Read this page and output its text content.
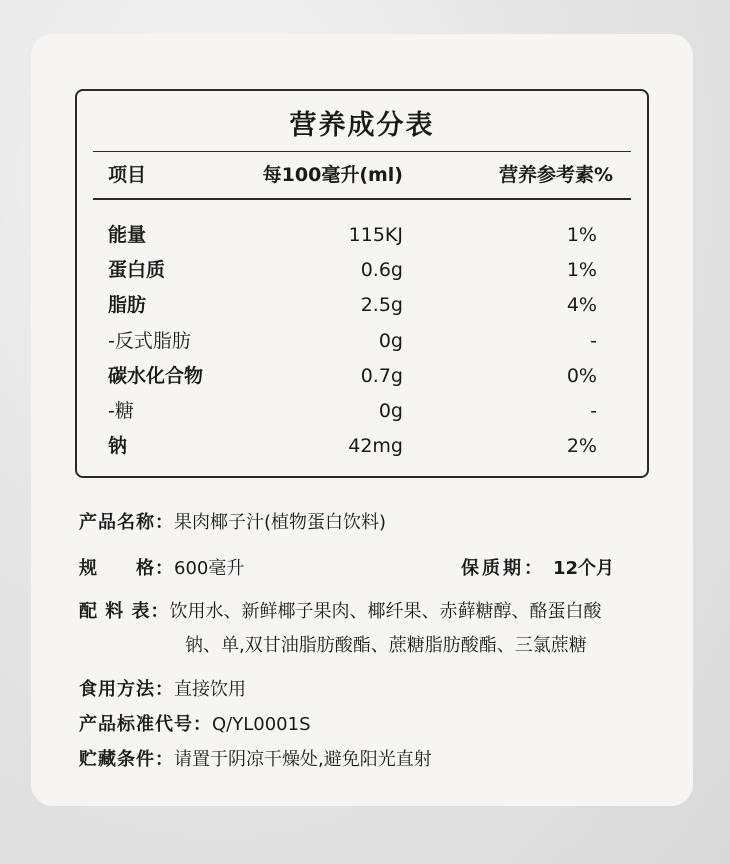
营养成分表
项目	每100毫升(ml)	营养参考素%
能量	115KJ	1%
蛋白质	0.6g	1%
脂肪	2.5g	4%
-反式脂肪	0g	-
碳水化合物	0.7g	0%
-糖	0g	-
钠	42mg	2%
产品名称：果肉椰子汁(植物蛋白饮料)
规　　格：600毫升	保质期： 12个月
配 料 表：饮用水、新鲜椰子果肉、椰纤果、赤藓糖醇、酪蛋白酸
钠、单,双甘油脂肪酸酯、蔗糖脂肪酸酯、三氯蔗糖
食用方法：直接饮用
产品标准代号：Q/YL0001S
贮藏条件：请置于阴凉干燥处,避免阳光直射
